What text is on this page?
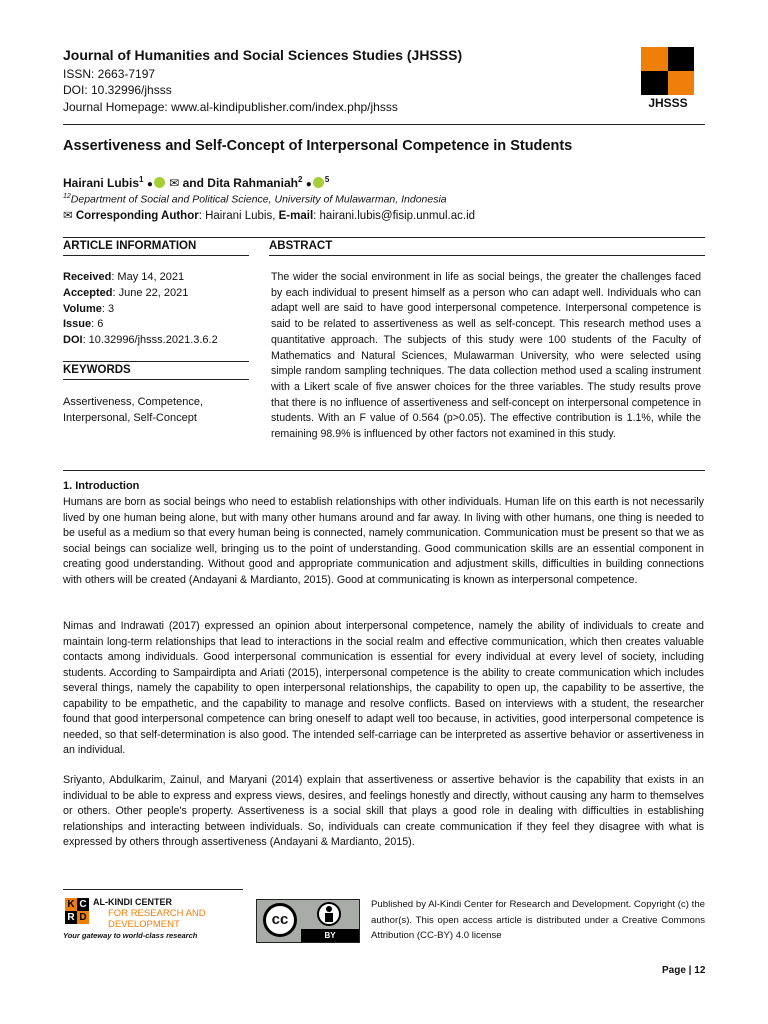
Journal of Humanities and Social Sciences Studies (JHSSS)
ISSN: 2663-7197
DOI: 10.32996/jhsss
Journal Homepage: www.al-kindipublisher.com/index.php/jhsss	JHSSS
Assertiveness and Self-Concept of Interpersonal Competence in Students
Hairani Lubis$^1$ ● ✉ and Dita Rahmaniah$^2$ ● $^5$
$^{12}$Department of Social and Political Science, University of Mulawarman, Indonesia
✉ Corresponding Author: Hairani Lubis, E-mail: hairani.lubis@fisip.unmul.ac.id
ARTICLE INFORMATION	ABSTRACT
Received: May 14, 2021
Accepted: June 22, 2021
Volume: 3
Issue: 6
DOI: 10.32996/jhsss.2021.3.6.2
KEYWORDS
Assertiveness, Competence, Interpersonal, Self-Concept
The wider the social environment in life as social beings, the greater the challenges faced by each individual to present himself as a person who can adapt well. Individuals who can adapt well are said to have good interpersonal competence. Interpersonal competence is said to be related to assertiveness as well as self-concept. This research method uses a quantitative approach. The subjects of this study were 100 students of the Faculty of Mathematics and Natural Sciences, Mulawarman University, who were selected using simple random sampling techniques. The data collection method used a scaling instrument with a Likert scale of five answer choices for the three variables. The study results prove that there is no influence of assertiveness and self-concept on interpersonal competence in students. With an F value of 0.564 (p>0.05). The effective contribution is 1.1%, while the remaining 98.9% is influenced by other factors not examined in this study.
1. Introduction
Humans are born as social beings who need to establish relationships with other individuals. Human life on this earth is not necessarily lived by one human being alone, but with many other humans around and far away. In living with other humans, one thing is needed to be useful as a medium so that every human being is connected, namely communication. Communication must be present so that we as social beings can socialize well, bringing us to the point of understanding. Good communication skills are an essential component in creating good understanding. Without good and appropriate communication and adjustment skills, difficulties in building connections with others will be created (Andayani & Mardianto, 2015). Good at communicating is known as interpersonal competence.
Nimas and Indrawati (2017) expressed an opinion about interpersonal competence, namely the ability of individuals to create and maintain long-term relationships that lead to interactions in the social realm and effective communication, which then creates valuable contacts among individuals. Good interpersonal communication is essential for every individual at every level of society, including students. According to Sampairdipta and Ariati (2015), interpersonal competence is the ability to create communication which includes several things, namely the capability to open interpersonal relationships, the capability to open up, the capability to be assertive, the capability to be empathetic, and the capability to manage and resolve conflicts. Based on interviews with a student, the researcher found that good interpersonal competence can bring oneself to adapt well too because, in activities, good interpersonal competence is needed, so that self-determination is also good. The intended self-carriage can be interpreted as assertive behavior or assertiveness in an individual.
Sriyanto, Abdulkarim, Zainul, and Maryani (2014) explain that assertiveness or assertive behavior is the capability that exists in an individual to be able to express and express views, desires, and feelings honestly and directly, without causing any harm to themselves or others. Other people's property. Assertiveness is a social skill that plays a good role in dealing with difficulties in establishing relationships and interacting between individuals. So, individuals can create communication if they feel they disagree with what is expressed by others through assertiveness (Andayani & Mardianto, 2015).
K C
R D
AL-KINDI CENTER
FOR RESEARCH AND
DEVELOPMENT
Your gateway to world-class research
cc
BY
Published by Al-Kindi Center for Research and Development. Copyright (c) the author(s). This open access article is distributed under a Creative Commons Attribution (CC-BY) 4.0 license
Page | 12
